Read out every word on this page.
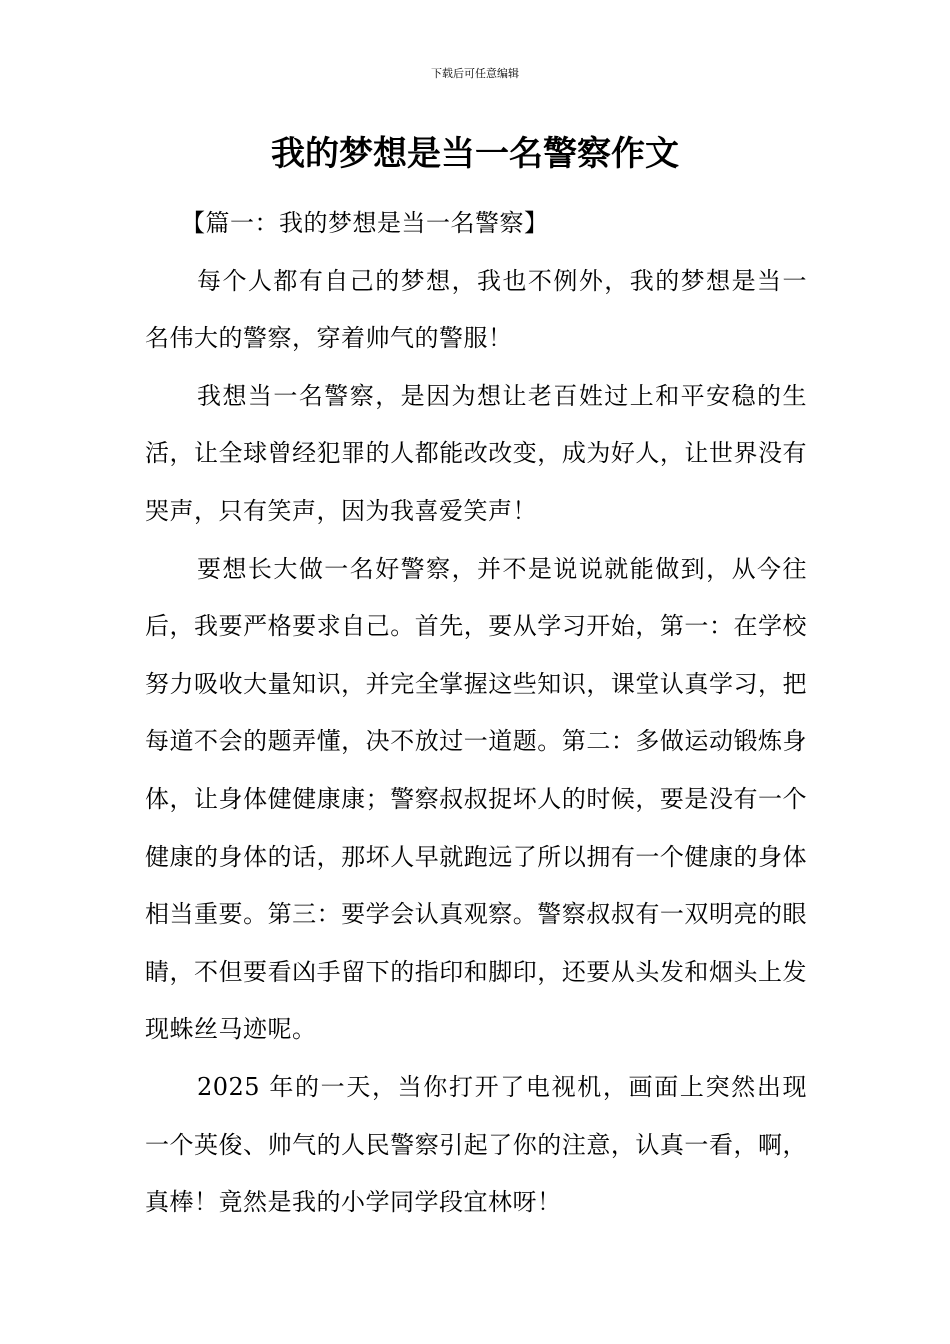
下载后可任意编辑
我的梦想是当一名警察作文

【篇一：我的梦想是当一名警察】

每个人都有自己的梦想，我也不例外，我的梦想是当一名伟大的警察，穿着帅气的警服！

我想当一名警察，是因为想让老百姓过上和平安稳的生活，让全球曾经犯罪的人都能改改变，成为好人，让世界没有哭声，只有笑声，因为我喜爱笑声！

要想长大做一名好警察，并不是说说就能做到，从今往后，我要严格要求自己。首先，要从学习开始，第一：在学校努力吸收大量知识，并完全掌握这些知识，课堂认真学习，把每道不会的题弄懂，决不放过一道题。第二：多做运动锻炼身体，让身体健健康康；警察叔叔捉坏人的时候，要是没有一个健康的身体的话，那坏人早就跑远了所以拥有一个健康的身体相当重要。第三：要学会认真观察。警察叔叔有一双明亮的眼睛，不但要看凶手留下的指印和脚印，还要从头发和烟头上发现蛛丝马迹呢。

2025 年的一天，当你打开了电视机，画面上突然出现一个英俊、帅气的人民警察引起了你的注意，认真一看，啊，真棒！竟然是我的小学同学段宜林呀！
